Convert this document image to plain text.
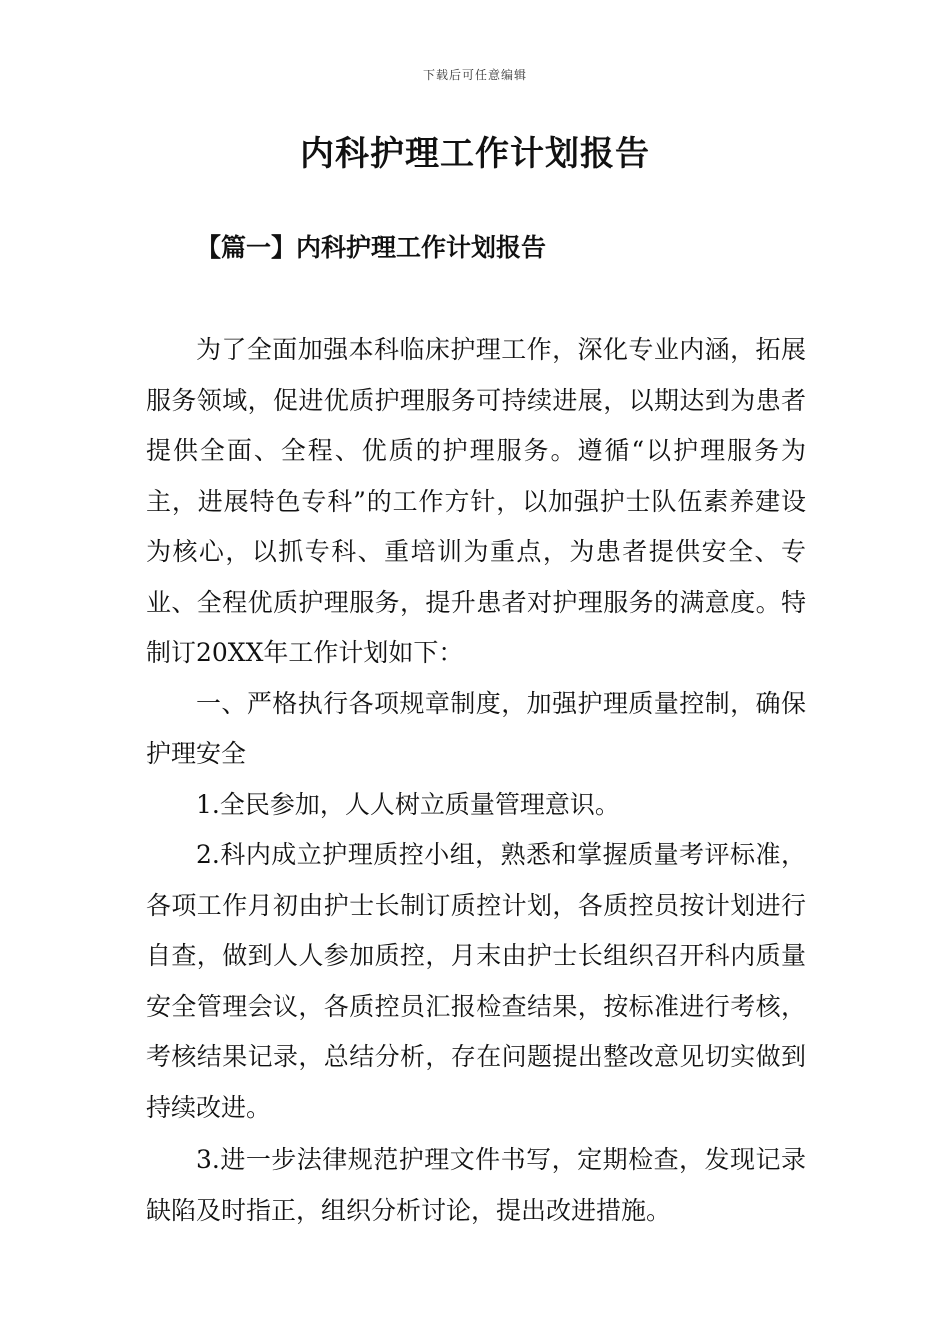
下载后可任意编辑
内科护理工作计划报告
【篇一】内科护理工作计划报告

为了全面加强本科临床护理工作，深化专业内涵，拓展服务领域，促进优质护理服务可持续进展，以期达到为患者提供全面、全程、优质的护理服务。遵循“以护理服务为主，进展特色专科”的工作方针，以加强护士队伍素养建设为核心，以抓专科、重培训为重点，为患者提供安全、专业、全程优质护理服务，提升患者对护理服务的满意度。特制订20XX年工作计划如下：

一、严格执行各项规章制度，加强护理质量控制，确保护理安全

1.全民参加，人人树立质量管理意识。

2.科内成立护理质控小组，熟悉和掌握质量考评标准，各项工作月初由护士长制订质控计划，各质控员按计划进行自查，做到人人参加质控，月末由护士长组织召开科内质量安全管理会议，各质控员汇报检查结果，按标准进行考核，考核结果记录，总结分析，存在问题提出整改意见切实做到持续改进。

3.进一步法律规范护理文件书写，定期检查，发现记录缺陷及时指正，组织分析讨论，提出改进措施。
